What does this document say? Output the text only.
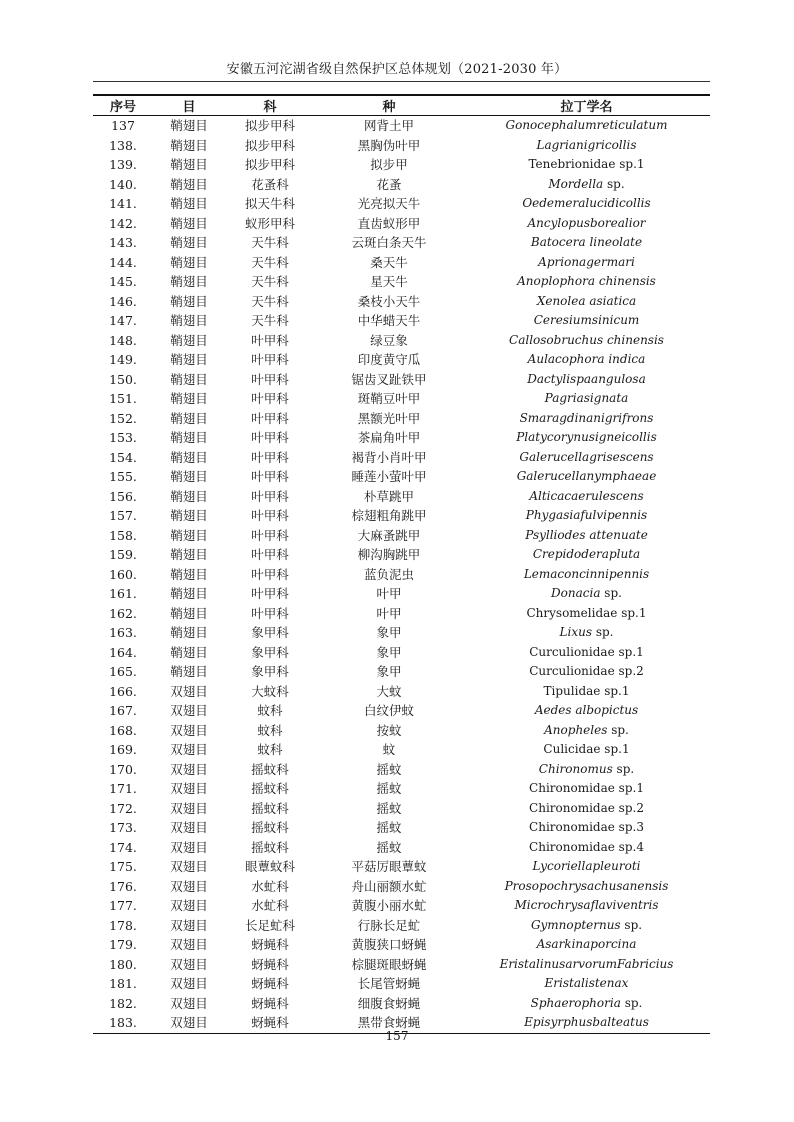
安徽五河沱湖省级自然保护区总体规划（2021-2030 年）
序号	目	科	种	拉丁学名
137	鞘翅目	拟步甲科	网背土甲	Gonocephalumreticulatum
138.	鞘翅目	拟步甲科	黑胸伪叶甲	Lagrianigricollis
139.	鞘翅目	拟步甲科	拟步甲	Tenebrionidae sp.1
140.	鞘翅目	花蚤科	花蚤	Mordella sp.
141.	鞘翅目	拟天牛科	光亮拟天牛	Oedemeralucidicollis
142.	鞘翅目	蚁形甲科	直齿蚁形甲	Ancylopusborealior
143.	鞘翅目	天牛科	云斑白条天牛	Batocera lineolate
144.	鞘翅目	天牛科	桑天牛	Aprionagermari
145.	鞘翅目	天牛科	星天牛	Anoplophora chinensis
146.	鞘翅目	天牛科	桑枝小天牛	Xenolea asiatica
147.	鞘翅目	天牛科	中华蜡天牛	Ceresiumsinicum
148.	鞘翅目	叶甲科	绿豆象	Callosobruchus chinensis
149.	鞘翅目	叶甲科	印度黄守瓜	Aulacophora indica
150.	鞘翅目	叶甲科	锯齿叉趾铁甲	Dactylispaangulosa
151.	鞘翅目	叶甲科	斑鞘豆叶甲	Pagriasignata
152.	鞘翅目	叶甲科	黑额光叶甲	Smaragdinanigrifrons
153.	鞘翅目	叶甲科	茶扁角叶甲	Platycorynusigneicollis
154.	鞘翅目	叶甲科	褐背小肖叶甲	Galerucellagrisescens
155.	鞘翅目	叶甲科	睡莲小萤叶甲	Galerucellanymphaeae
156.	鞘翅目	叶甲科	朴草跳甲	Alticacaerulescens
157.	鞘翅目	叶甲科	棕翅粗角跳甲	Phygasiafulvipennis
158.	鞘翅目	叶甲科	大麻蚤跳甲	Psylliodes attenuate
159.	鞘翅目	叶甲科	柳沟胸跳甲	Crepidoderapluta
160.	鞘翅目	叶甲科	蓝负泥虫	Lemaconcinnipennis
161.	鞘翅目	叶甲科	叶甲	Donacia sp.
162.	鞘翅目	叶甲科	叶甲	Chrysomelidae sp.1
163.	鞘翅目	象甲科	象甲	Lixus sp.
164.	鞘翅目	象甲科	象甲	Curculionidae sp.1
165.	鞘翅目	象甲科	象甲	Curculionidae sp.2
166.	双翅目	大蚊科	大蚊	Tipulidae sp.1
167.	双翅目	蚊科	白纹伊蚊	Aedes albopictus
168.	双翅目	蚊科	按蚊	Anopheles sp.
169.	双翅目	蚊科	蚊	Culicidae sp.1
170.	双翅目	摇蚊科	摇蚊	Chironomus sp.
171.	双翅目	摇蚊科	摇蚊	Chironomidae sp.1
172.	双翅目	摇蚊科	摇蚊	Chironomidae sp.2
173.	双翅目	摇蚊科	摇蚊	Chironomidae sp.3
174.	双翅目	摇蚊科	摇蚊	Chironomidae sp.4
175.	双翅目	眼蕈蚊科	平菇厉眼蕈蚊	Lycoriellapleuroti
176.	双翅目	水虻科	舟山丽额水虻	Prosopochrysachusanensis
177.	双翅目	水虻科	黄腹小丽水虻	Microchrysaflaviventris
178.	双翅目	长足虻科	行脉长足虻	Gymnopternus sp.
179.	双翅目	蚜蝇科	黄腹狭口蚜蝇	Asarkinaporcina
180.	双翅目	蚜蝇科	棕腿斑眼蚜蝇	EristalinusarvorumFabricius
181.	双翅目	蚜蝇科	长尾管蚜蝇	Eristalistenax
182.	双翅目	蚜蝇科	细腹食蚜蝇	Sphaerophoria sp.
183.	双翅目	蚜蝇科	黑带食蚜蝇	Episyrphusbalteatus
157
